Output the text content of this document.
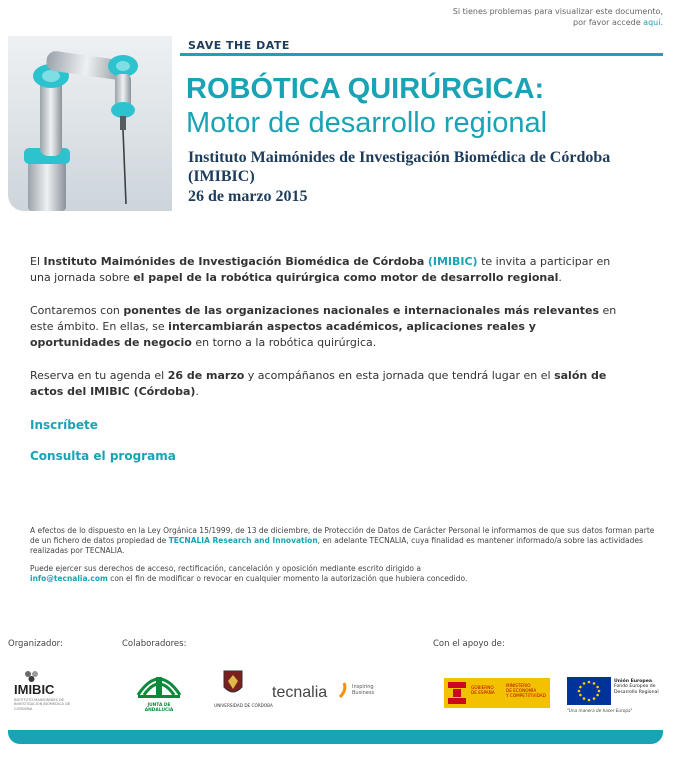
Si tienes problemas para visualizar este documento,
por favor accede aquí.
SAVE THE DATE
ROBÓTICA QUIRÚRGICA:
Motor de desarrollo regional
Instituto Maimónides de Investigación Biomédica de Córdoba (IMIBIC)
26 de marzo 2015

El Instituto Maimónides de Investigación Biomédica de Córdoba (IMIBIC) te invita a participar en una jornada sobre el papel de la robótica quirúrgica como motor de desarrollo regional.

Contaremos con ponentes de las organizaciones nacionales e internacionales más relevantes en este ámbito. En ellas, se intercambiarán aspectos académicos, aplicaciones reales y oportunidades de negocio en torno a la robótica quirúrgica.

Reserva en tu agenda el 26 de marzo y acompáñanos en esta jornada que tendrá lugar en el salón de actos del IMIBIC (Córdoba).

Inscríbete
Consulta el programa

A efectos de lo dispuesto en la Ley Orgánica 15/1999, de 13 de diciembre, de Protección de Datos de Carácter Personal le informamos de que sus datos forman parte de un fichero de datos propiedad de TECNALIA Research and Innovation, en adelante TECNALIA, cuya finalidad es mantener informado/a sobre las actividades realizadas por TECNALIA.

Puede ejercer sus derechos de acceso, rectificación, cancelación y oposición mediante escrito dirigido a
info@tecnalia.com con el fin de modificar o revocar en cualquier momento la autorización que hubiera concedido.

Organizador:	Colaboradores:	Con el apoyo de:
IMIBIC
INSTITUTO MAIMÓNIDES DE INVESTIGACIÓN BIOMÉDICA DE CÓRDOBA
JUNTA DE ANDALUCIA
UNIVERSIDAD DE CÓRDOBA
tecnalia	Inspiring
Business
GOBIERNO
DE ESPAÑA
MINISTERIO
DE ECONOMÍA
Y COMPETITIVIDAD
Unión Europea
Fondo Europeo de
Desarrollo Regional
"Una manera de hacer Europa"
